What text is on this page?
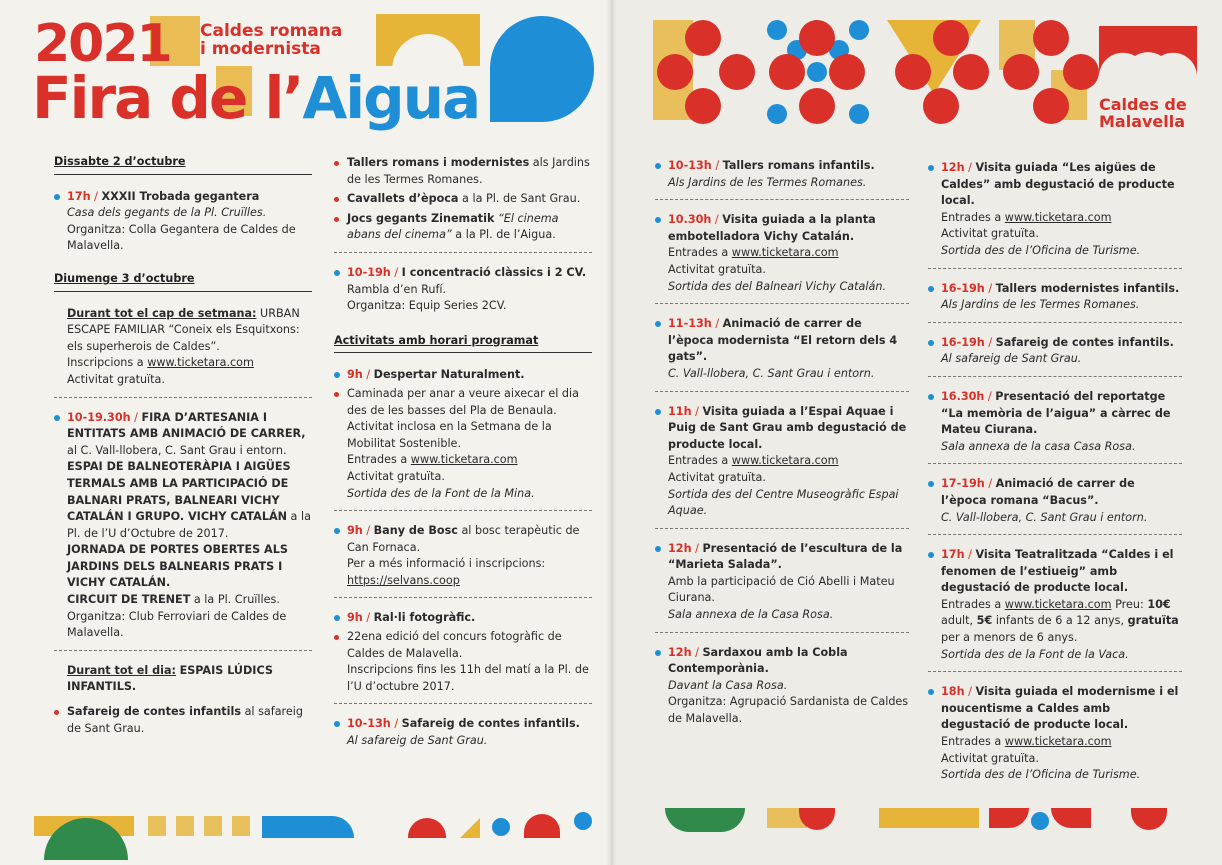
2021 Caldes romana
i modernista
Fira de l’Aigua
Dissabte 2 d’octubre

17h / XXXII Trobada gegantera

Casa dels gegants de la Pl. Cruïlles.

Organitza: Colla Gegantera de Caldes de Malavella.

Diumenge 3 d’octubre

Durant tot el cap de setmana: URBAN ESCAPE FAMILIAR “Coneix els Esquitxons: els superherois de Caldes”.

Inscripcions a www.ticketara.com

Activitat gratuïta.

10-19.30h / FIRA D’ARTESANIA I ENTITATS AMB ANIMACIÓ DE CARRER, al C. Vall-llobera, C. Sant Grau i entorn.

ESPAI DE BALNEOTERÀPIA I AIGÜES TERMALS AMB LA PARTICIPACIÓ DE BALNARI PRATS, BALNEARI VICHY CATALÁN I GRUPO. VICHY CATALÁN a la Pl. de l’U d’Octubre de 2017.

JORNADA DE PORTES OBERTES ALS JARDINS DELS BALNEARIS PRATS I VICHY CATALÁN.

CIRCUIT DE TRENET a la Pl. Cruïlles.

Organitza: Club Ferroviari de Caldes de Malavella.

Durant tot el dia: ESPAIS LÚDICS INFANTILS.

Safareig de contes infantils al safareig de Sant Grau.

Tallers romans i modernistes als Jardins de les Termes Romanes.

Cavallets d’època a la Pl. de Sant Grau.

Jocs gegants Zinematik “El cinema abans del cinema” a la Pl. de l’Aigua.

10-19h / I concentració clàssics i 2 CV.

Rambla d’en Rufí.

Organitza: Equip Series 2CV.

Activitats amb horari programat

9h / Despertar Naturalment.

Caminada per anar a veure aixecar el dia des de les basses del Pla de Benaula. Activitat inclosa en la Setmana de la Mobilitat Sostenible.

Entrades a www.ticketara.com

Activitat gratuïta.

Sortida des de la Font de la Mina.

9h / Bany de Bosc al bosc terapèutic de Can Fornaca.

Per a més informació i inscripcions:

https://selvans.coop

9h / Ral·li fotogràfic.

22ena edició del concurs fotogràfic de Caldes de Malavella.

Inscripcions fins les 11h del matí a la Pl. de l’U d’octubre 2017.

10-13h / Safareig de contes infantils.

Al safareig de Sant Grau.

10-13h / Tallers romans infantils.

Als Jardins de les Termes Romanes.

10.30h / Visita guiada a la planta embotelladora Vichy Catalán.

Entrades a www.ticketara.com

Activitat gratuïta.

Sortida des del Balneari Vichy Catalán.

11-13h / Animació de carrer de l’època modernista “El retorn dels 4 gats”.

C. Vall-llobera, C. Sant Grau i entorn.

11h / Visita guiada a l’Espai Aquae i Puig de Sant Grau amb degustació de producte local.

Entrades a www.ticketara.com

Activitat gratuïta.

Sortida des del Centre Museogràfic Espai Aquae.

12h / Presentació de l’escultura de la “Marieta Salada”.

Amb la participació de Ció Abelli i Mateu Ciurana.

Sala annexa de la Casa Rosa.

12h / Sardaxou amb la Cobla Contemporània.

Davant la Casa Rosa.

Organitza: Agrupació Sardanista de Caldes de Malavella.

12h / Visita guiada “Les aigües de Caldes” amb degustació de producte local.

Entrades a www.ticketara.com

Activitat gratuïta.

Sortida des de l’Oficina de Turisme.

16-19h / Tallers modernistes infantils.

Als Jardins de les Termes Romanes.

16-19h / Safareig de contes infantils.

Al safareig de Sant Grau.

16.30h / Presentació del reportatge “La memòria de l’aigua” a càrrec de Mateu Ciurana.

Sala annexa de la casa Casa Rosa.

17-19h / Animació de carrer de l’època romana “Bacus”.

C. Vall-llobera, C. Sant Grau i entorn.

17h / Visita Teatralitzada “Caldes i el fenomen de l’estiueig” amb degustació de producte local.

Entrades a www.ticketara.com Preu: 10€ adult, 5€ infants de 6 a 12 anys, gratuïta per a menors de 6 anys.

Sortida des de la Font de la Vaca.

18h / Visita guiada el modernisme i el noucentisme a Caldes amb degustació de producte local.

Entrades a www.ticketara.com

Activitat gratuïta.

Sortida des de l’Oficina de Turisme.

Caldes de
Malavella
